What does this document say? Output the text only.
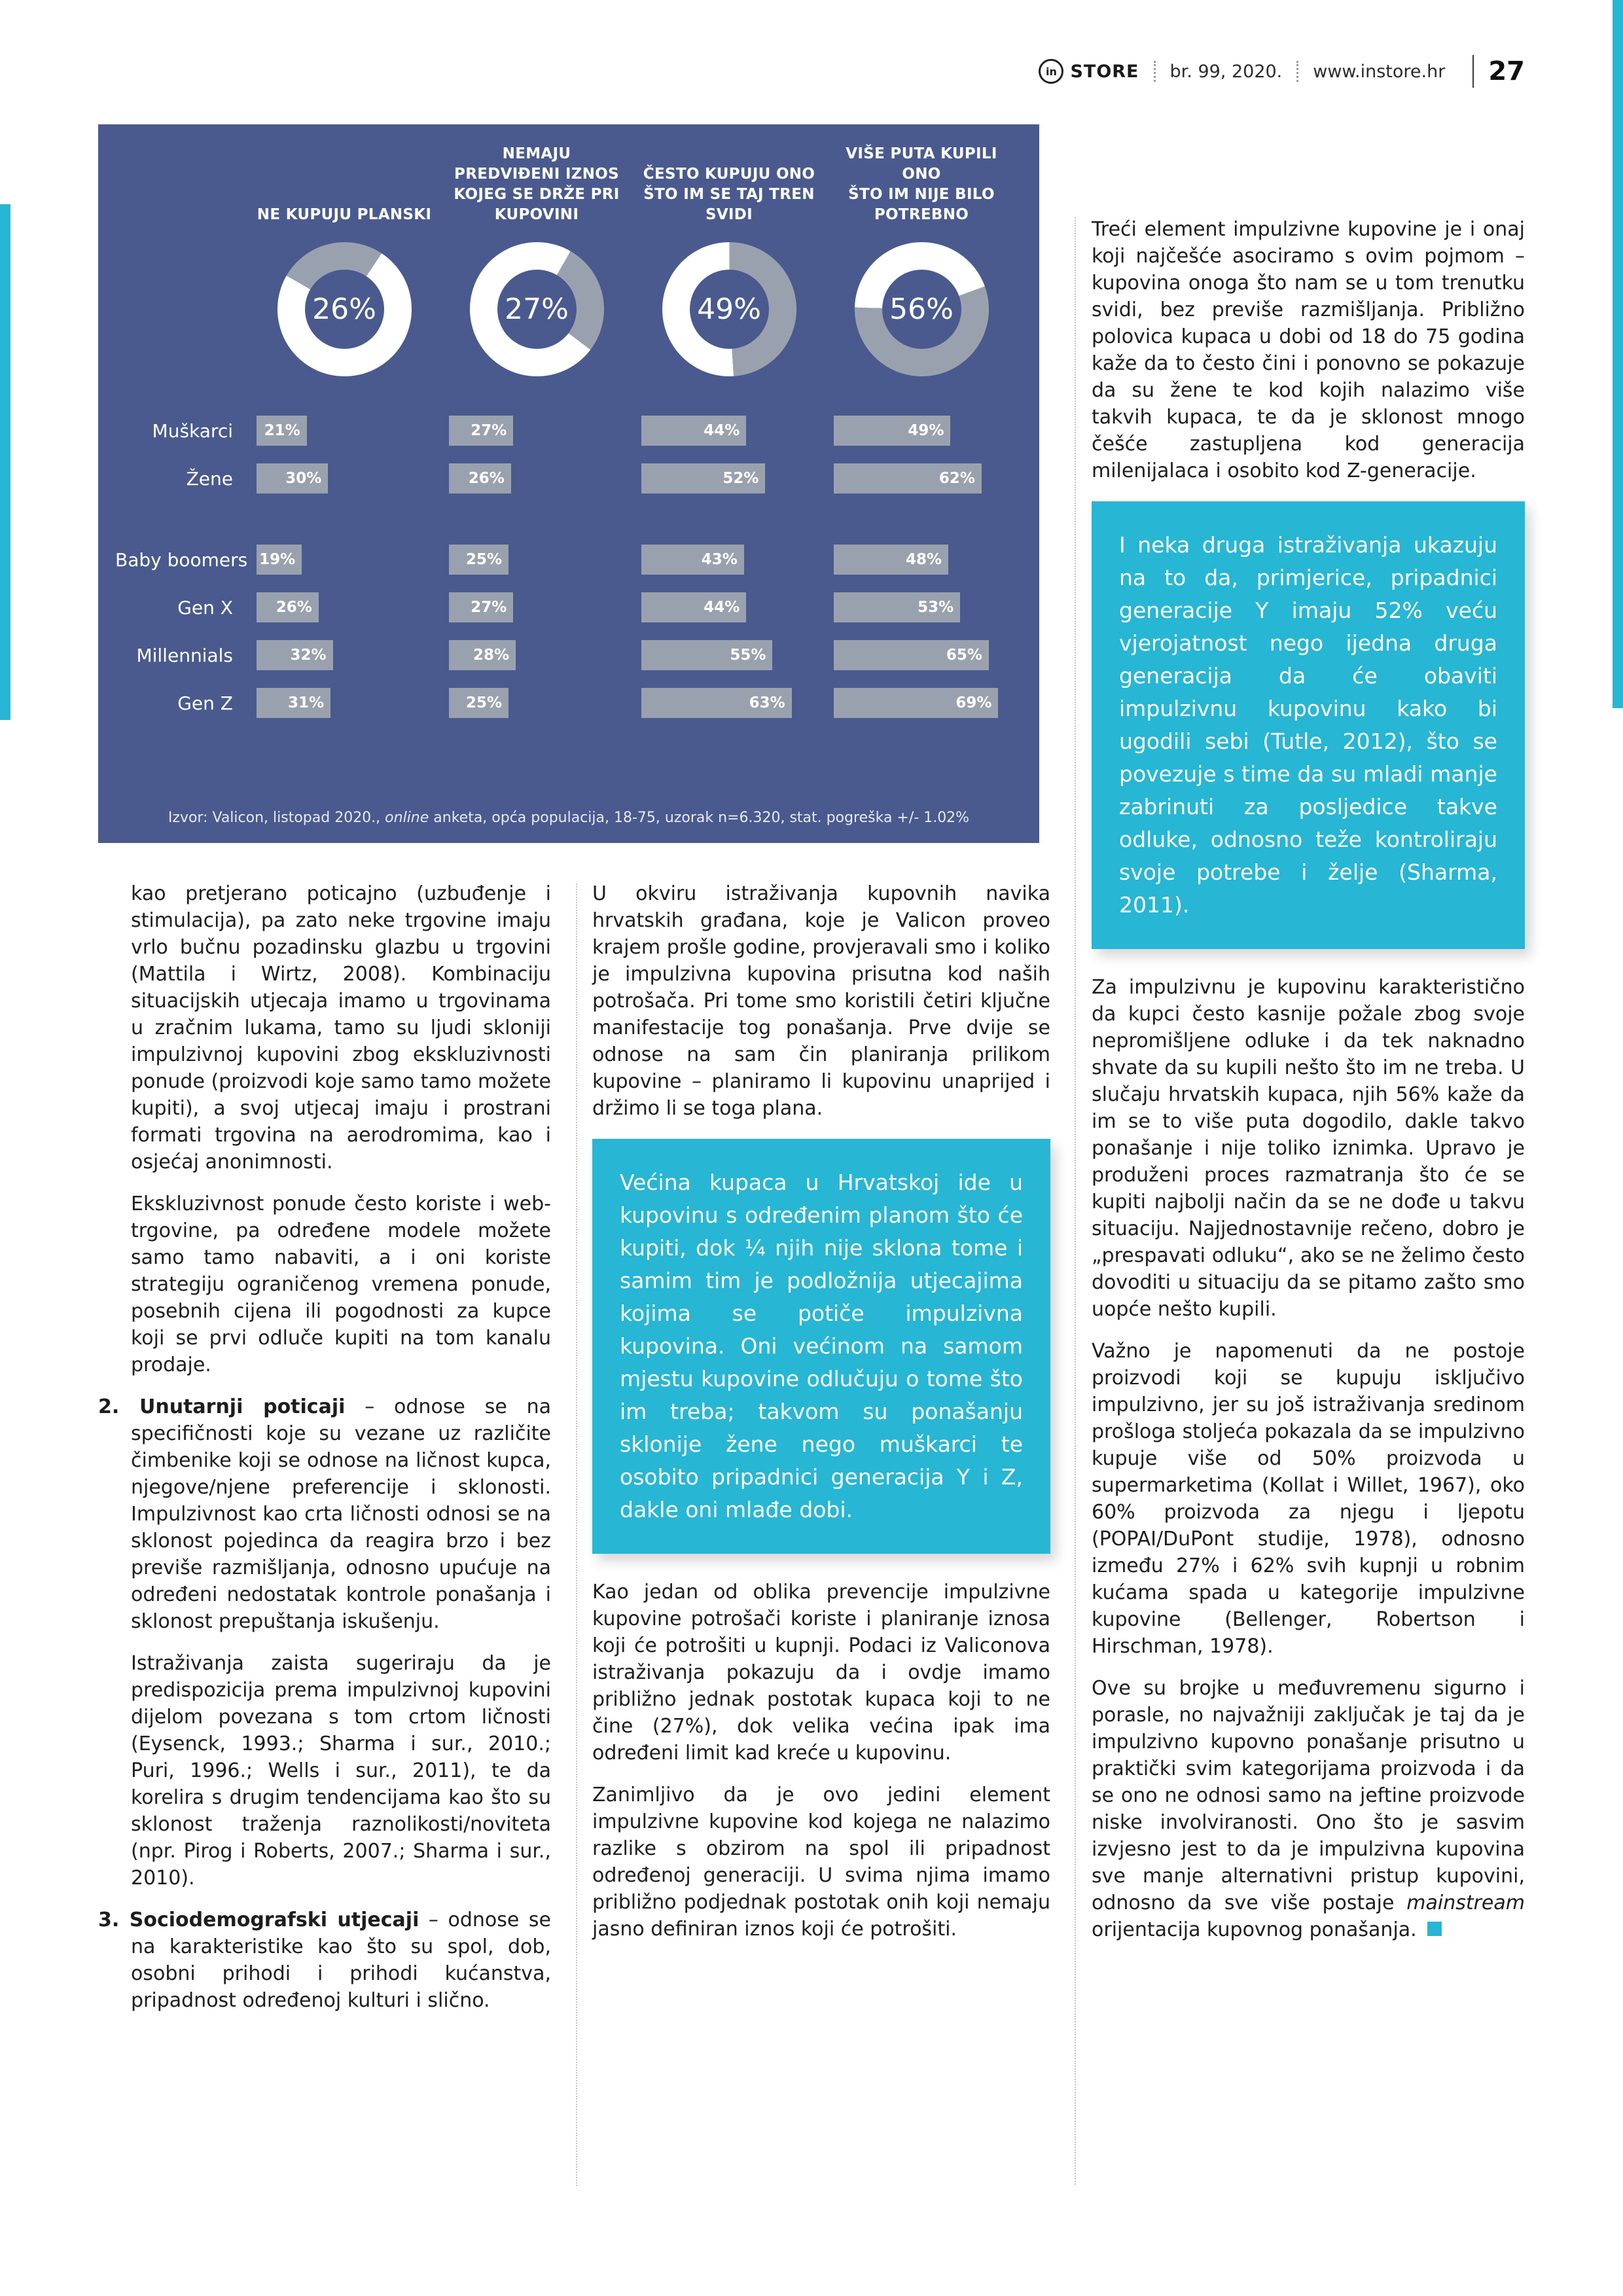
in STORE br. 99, 2020. www.instore.hr 27
NE KUPUJU PLANSKI
26%
NEMAJU PREDVIĐENI IZNOS
KOJEG SE DRŽE PRI
KUPOVINI
27%
ČESTO KUPUJU ONO
ŠTO IM SE TAJ TREN
SVIDI
49%
VIŠE PUTA KUPILI ONO
ŠTO IM NIJE BILO
POTREBNO
56%
Muškarci	21%	27%	44%	49%
Žene	30%	26%	52%	62%
Baby boomers 19%	25%	43%	48%
Gen X	26%	27%	44%	53%
Millennials	32%	28%	55%	65%
Gen Z	31%	25%	63%	69%
Izvor: Valicon, listopad 2020., online anketa, opća populacija, 18-75, uzorak n=6.320, stat. pogreška +/- 1.02%

kao pretjerano poticajno (uzbuđenje i stimulacija), pa zato neke trgovine imaju vrlo bučnu pozadinsku glazbu u trgovini (Mattila i Wirtz, 2008). Kombinaciju situacijskih utjecaja imamo u trgovinama u zračnim lukama, tamo su ljudi skloniji impulzivnoj kupovini zbog ekskluzivnosti ponude (proizvodi koje samo tamo možete kupiti), a svoj utjecaj imaju i prostrani formati trgovina na aerodromima, kao i osjećaj anonimnosti.

Ekskluzivnost ponude često koriste i web-trgovine, pa određene modele možete samo tamo nabaviti, a i oni koriste strategiju ograničenog vremena ponude, posebnih cijena ili pogodnosti za kupce koji se prvi odluče kupiti na tom kanalu prodaje.

2. Unutarnji poticaji – odnose se na specifičnosti koje su vezane uz različite čimbenike koji se odnose na ličnost kupca, njegove/njene preferencije i sklonosti. Impulzivnost kao crta ličnosti odnosi se na sklonost pojedinca da reagira brzo i bez previše razmišljanja, odnosno upućuje na određeni nedostatak kontrole ponašanja i sklonost prepuštanja iskušenju.

Istraživanja zaista sugeriraju da je predispozicija prema impulzivnoj kupovini dijelom povezana s tom crtom ličnosti (Eysenck, 1993.; Sharma i sur., 2010.; Puri, 1996.; Wells i sur., 2011), te da korelira s drugim tendencijama kao što su sklonost traženja raznolikosti/noviteta (npr. Pirog i Roberts, 2007.; Sharma i sur., 2010).

3. Sociodemografski utjecaji – odnose se na karakteristike kao što su spol, dob, osobni prihodi i prihodi kućanstva, pripadnost određenoj kulturi i slično.

U okviru istraživanja kupovnih navika hrvatskih građana, koje je Valicon proveo krajem prošle godine, provjeravali smo i koliko je impulzivna kupovina prisutna kod naših potrošača. Pri tome smo koristili četiri ključne manifestacije tog ponašanja. Prve dvije se odnose na sam čin planiranja prilikom kupovine – planiramo li kupovinu unaprijed i držimo li se toga plana.

Većina kupaca u Hrvatskoj ide u kupovinu s određenim planom što će kupiti, dok ¼ njih nije sklona tome i samim tim je podložnija utjecajima kojima se potiče impulzivna kupovina. Oni većinom na samom mjestu kupovine odlučuju o tome što im treba; takvom su ponašanju sklonije žene nego muškarci te osobito pripadnici generacija Y i Z, dakle oni mlađe dobi.

Kao jedan od oblika prevencije impulzivne kupovine potrošači koriste i planiranje iznosa koji će potrošiti u kupnji. Podaci iz Valiconova istraživanja pokazuju da i ovdje imamo približno jednak postotak kupaca koji to ne čine (27%), dok velika većina ipak ima određeni limit kad kreće u kupovinu.

Zanimljivo da je ovo jedini element impulzivne kupovine kod kojega ne nalazimo razlike s obzirom na spol ili pripadnost određenoj generaciji. U svima njima imamo približno podjednak postotak onih koji nemaju jasno definiran iznos koji će potrošiti.

Treći element impulzivne kupovine je i onaj koji najčešće asociramo s ovim pojmom – kupovina onoga što nam se u tom trenutku svidi, bez previše razmišljanja. Približno polovica kupaca u dobi od 18 do 75 godina kaže da to često čini i ponovno se pokazuje da su žene te kod kojih nalazimo više takvih kupaca, te da je sklonost mnogo češće zastupljena kod generacija milenijalaca i osobito kod Z-generacije.

I neka druga istraživanja ukazuju na to da, primjerice, pripadnici generacije Y imaju 52% veću vjerojatnost nego ijedna druga generacija da će obaviti impulzivnu kupovinu kako bi ugodili sebi (Tutle, 2012), što se povezuje s time da su mladi manje zabrinuti za posljedice takve odluke, odnosno teže kontroliraju svoje potrebe i želje (Sharma, 2011).

Za impulzivnu je kupovinu karakteristično da kupci često kasnije požale zbog svoje nepromišljene odluke i da tek naknadno shvate da su kupili nešto što im ne treba. U slučaju hrvatskih kupaca, njih 56% kaže da im se to više puta dogodilo, dakle takvo ponašanje i nije toliko iznimka. Upravo je produženi proces razmatranja što će se kupiti najbolji način da se ne dođe u takvu situaciju. Najjednostavnije rečeno, dobro je „prespavati odluku“, ako se ne želimo često dovoditi u situaciju da se pitamo zašto smo uopće nešto kupili.

Važno je napomenuti da ne postoje proizvodi koji se kupuju isključivo impulzivno, jer su još istraživanja sredinom prošloga stoljeća pokazala da se impulzivno kupuje više od 50% proizvoda u supermarketima (Kollat i Willet, 1967), oko 60% proizvoda za njegu i ljepotu (POPAI/DuPont studije, 1978), odnosno između 27% i 62% svih kupnji u robnim kućama spada u kategorije impulzivne kupovine (Bellenger, Robertson i Hirschman, 1978).

Ove su brojke u međuvremenu sigurno i porasle, no najvažniji zaključak je taj da je impulzivno kupovno ponašanje prisutno u praktički svim kategorijama proizvoda i da se ono ne odnosi samo na jeftine proizvode niske involviranosti. Ono što je sasvim izvjesno jest to da je impulzivna kupovina sve manje alternativni pristup kupovini, odnosno da sve više postaje mainstream orijentacija kupovnog ponašanja.
